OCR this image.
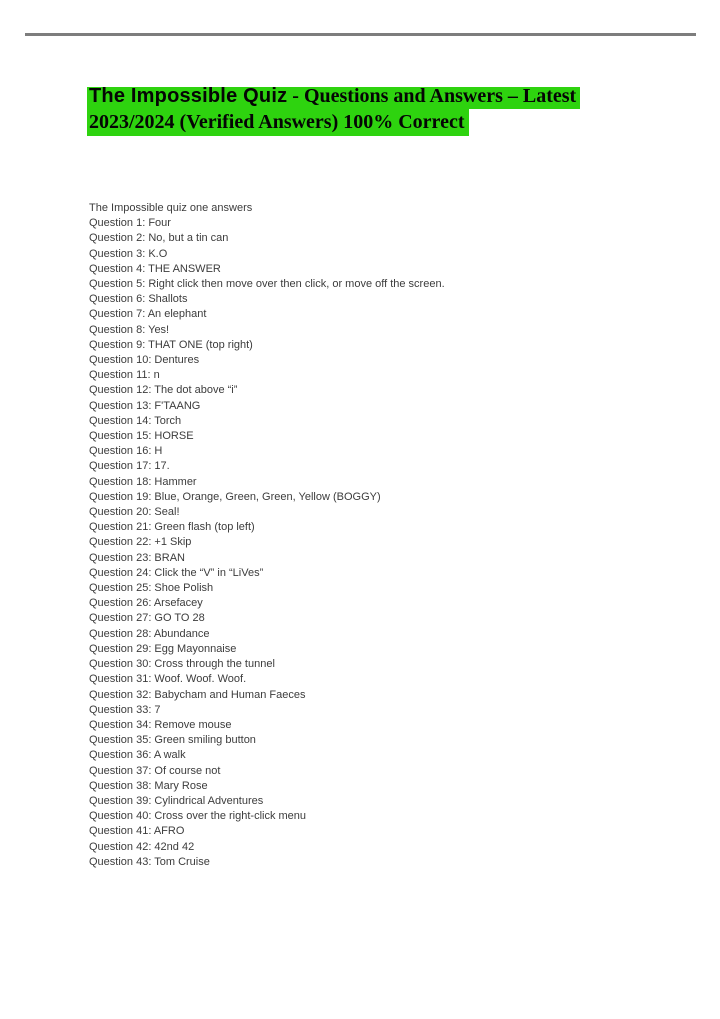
The Impossible Quiz - Questions and Answers – Latest
2023/2024 (Verified Answers) 100% Correct
The Impossible quiz one answers
Question 1: Four
Question 2: No, but a tin can
Question 3: K.O
Question 4: THE ANSWER
Question 5: Right click then move over then click, or move off the screen.
Question 6: Shallots
Question 7: An elephant
Question 8: Yes!
Question 9: THAT ONE (top right)
Question 10: Dentures
Question 11: n
Question 12: The dot above “i”
Question 13: F'TAANG
Question 14: Torch
Question 15: HORSE
Question 16: H
Question 17: 17.
Question 18: Hammer
Question 19: Blue, Orange, Green, Green, Yellow (BOGGY)
Question 20: Seal!
Question 21: Green flash (top left)
Question 22: +1 Skip
Question 23: BRAN
Question 24: Click the “V” in “LiVes”
Question 25: Shoe Polish
Question 26: Arsefacey
Question 27: GO TO 28
Question 28: Abundance
Question 29: Egg Mayonnaise
Question 30: Cross through the tunnel
Question 31: Woof. Woof. Woof.
Question 32: Babycham and Human Faeces
Question 33: 7
Question 34: Remove mouse
Question 35: Green smiling button
Question 36: A walk
Question 37: Of course not
Question 38: Mary Rose
Question 39: Cylindrical Adventures
Question 40: Cross over the right-click menu
Question 41: AFRO
Question 42: 42nd 42
Question 43: Tom Cruise
